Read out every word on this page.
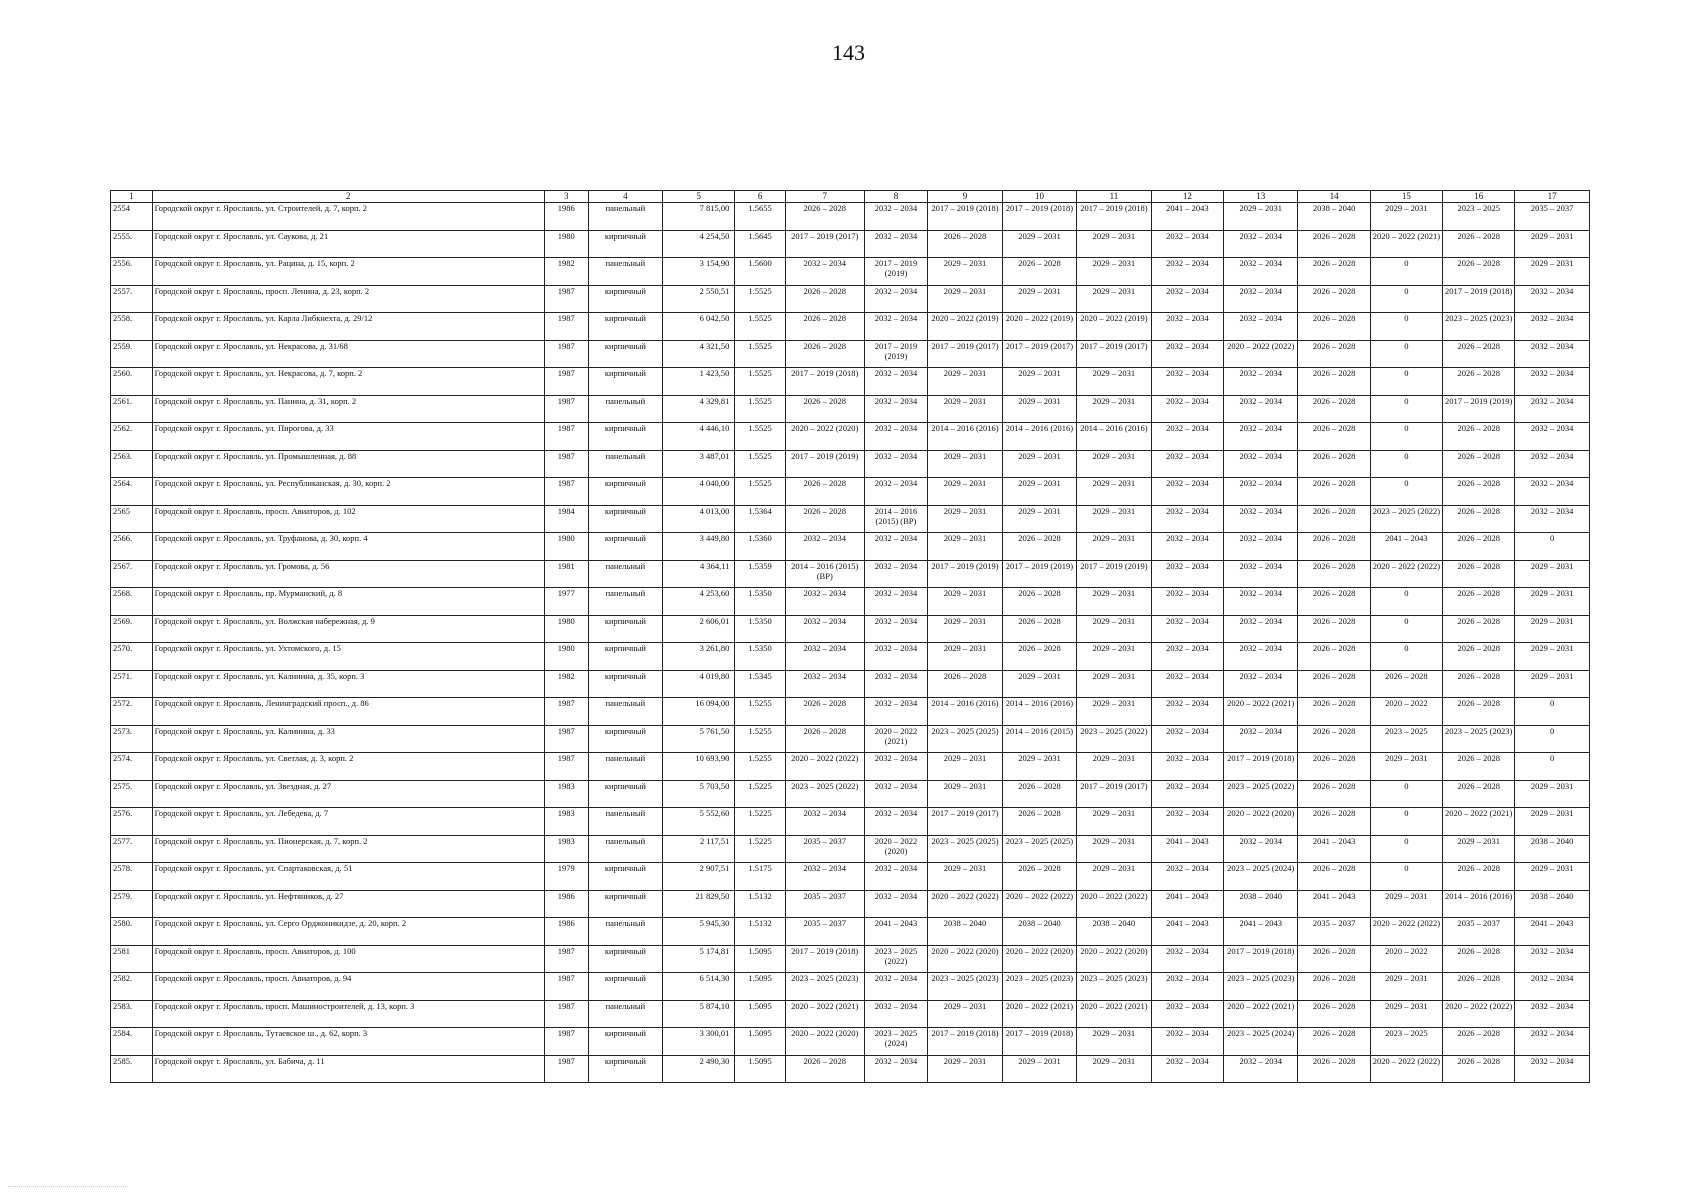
143
1	2	3	4	5	6	7	8	9	10	11	12	13	14	15	16	17
2554	Городской округ г. Ярославль, ул. Строителей, д. 7, корп. 2	1986	панельный	7 815,00	1.5655	2026 – 2028	2032 – 2034	2017 – 2019 (2018)	2017 – 2019 (2018)	2017 – 2019 (2018)	2041 – 2043	2029 – 2031	2038 – 2040	2029 – 2031	2023 – 2025	2035 – 2037
2555.	Городской округ г. Ярославль, ул. Саукова, д. 21	1980	кирпичный	4 254,50	1.5645	2017 – 2019 (2017)	2032 – 2034	2026 – 2028	2029 – 2031	2029 – 2031	2032 – 2034	2032 – 2034	2026 – 2028	2020 – 2022 (2021)	2026 – 2028	2029 – 2031
2556.	Городской округ г. Ярославль, ул. Рацина, д. 15, корп. 2	1982	панельный	3 154,90	1.5600	2032 – 2034	2017 – 2019 (2019)	2029 – 2031	2026 – 2028	2029 – 2031	2032 – 2034	2032 – 2034	2026 – 2028	0	2026 – 2028	2029 – 2031
2557.	Городской округ г. Ярославль, просп. Ленина, д. 23, корп. 2	1987	кирпичный	2 550,51	1.5525	2026 – 2028	2032 – 2034	2029 – 2031	2029 – 2031	2029 – 2031	2032 – 2034	2032 – 2034	2026 – 2028	0	2017 – 2019 (2018)	2032 – 2034
2558.	Городской округ г. Ярославль, ул. Карла Либкнехта, д. 29/12	1987	кирпичный	6 042,50	1.5525	2026 – 2028	2032 – 2034	2020 – 2022 (2019)	2020 – 2022 (2019)	2020 – 2022 (2019)	2032 – 2034	2032 – 2034	2026 – 2028	0	2023 – 2025 (2023)	2032 – 2034
2559.	Городской округ г. Ярославль, ул. Некрасова, д. 31/68	1987	кирпичный	4 321,50	1.5525	2026 – 2028	2017 – 2019 (2019)	2017 – 2019 (2017)	2017 – 2019 (2017)	2017 – 2019 (2017)	2032 – 2034	2020 – 2022 (2022)	2026 – 2028	0	2026 – 2028	2032 – 2034
2560.	Городской округ г. Ярославль, ул. Некрасова, д. 7, корп. 2	1987	кирпичный	1 423,50	1.5525	2017 – 2019 (2018)	2032 – 2034	2029 – 2031	2029 – 2031	2029 – 2031	2032 – 2034	2032 – 2034	2026 – 2028	0	2026 – 2028	2032 – 2034
2561.	Городской округ г. Ярославль, ул. Панина, д. 31, корп. 2	1987	панельный	4 329,81	1.5525	2026 – 2028	2032 – 2034	2029 – 2031	2029 – 2031	2029 – 2031	2032 – 2034	2032 – 2034	2026 – 2028	0	2017 – 2019 (2019)	2032 – 2034
2562.	Городской округ г. Ярославль, ул. Пирогова, д. 33	1987	кирпичный	4 446,10	1.5525	2020 – 2022 (2020)	2032 – 2034	2014 – 2016 (2016)	2014 – 2016 (2016)	2014 – 2016 (2016)	2032 – 2034	2032 – 2034	2026 – 2028	0	2026 – 2028	2032 – 2034
2563.	Городской округ г. Ярославль, ул. Промышленная, д. 88	1987	панельный	3 487,01	1.5525	2017 – 2019 (2019)	2032 – 2034	2029 – 2031	2029 – 2031	2029 – 2031	2032 – 2034	2032 – 2034	2026 – 2028	0	2026 – 2028	2032 – 2034
2564.	Городской округ г. Ярославль, ул. Республиканская, д. 30, корп. 2	1987	кирпичный	4 040,00	1.5525	2026 – 2028	2032 – 2034	2029 – 2031	2029 – 2031	2029 – 2031	2032 – 2034	2032 – 2034	2026 – 2028	0	2026 – 2028	2032 – 2034
2565	Городской округ г. Ярославль, просп. Авиаторов, д. 102	1984	кирпичный	4 013,00	1.5364	2026 – 2028	2014 – 2016 (2015) (ВР)	2029 – 2031	2029 – 2031	2029 – 2031	2032 – 2034	2032 – 2034	2026 – 2028	2023 – 2025 (2022)	2026 – 2028	2032 – 2034
2566.	Городской округ г. Ярославль, ул. Труфанова, д. 30, корп. 4	1980	кирпичный	3 449,80	1.5360	2032 – 2034	2032 – 2034	2029 – 2031	2026 – 2028	2029 – 2031	2032 – 2034	2032 – 2034	2026 – 2028	2041 – 2043	2026 – 2028	0
2567.	Городской округ г. Ярославль, ул. Громова, д. 56	1981	панельный	4 364,11	1.5359	2014 – 2016 (2015) (ВР)	2032 – 2034	2017 – 2019 (2019)	2017 – 2019 (2019)	2017 – 2019 (2019)	2032 – 2034	2032 – 2034	2026 – 2028	2020 – 2022 (2022)	2026 – 2028	2029 – 2031
2568.	Городской округ г. Ярославль, пр. Мурманский, д. 8	1977	панельный	4 253,60	1.5350	2032 – 2034	2032 – 2034	2029 – 2031	2026 – 2028	2029 – 2031	2032 – 2034	2032 – 2034	2026 – 2028	0	2026 – 2028	2029 – 2031
2569.	Городской округ г. Ярославль, ул. Волжская набережная, д. 9	1980	кирпичный	2 606,01	1.5350	2032 – 2034	2032 – 2034	2029 – 2031	2026 – 2028	2029 – 2031	2032 – 2034	2032 – 2034	2026 – 2028	0	2026 – 2028	2029 – 2031
2570.	Городской округ г. Ярославль, ул. Ухтомского, д. 15	1980	кирпичный	3 261,80	1.5350	2032 – 2034	2032 – 2034	2029 – 2031	2026 – 2028	2029 – 2031	2032 – 2034	2032 – 2034	2026 – 2028	0	2026 – 2028	2029 – 2031
2571.	Городской округ г. Ярославль, ул. Калинина, д. 35, корп. 3	1982	кирпичный	4 019,80	1.5345	2032 – 2034	2032 – 2034	2026 – 2028	2029 – 2031	2029 – 2031	2032 – 2034	2032 – 2034	2026 – 2028	2026 – 2028	2026 – 2028	2029 – 2031
2572.	Городской округ г. Ярославль, Ленинградский просп., д. 86	1987	панельный	16 094,00	1.5255	2026 – 2028	2032 – 2034	2014 – 2016 (2016)	2014 – 2016 (2016)	2029 – 2031	2032 – 2034	2020 – 2022 (2021)	2026 – 2028	2020 – 2022	2026 – 2028	0
2573.	Городской округ г. Ярославль, ул. Калинина, д. 33	1987	кирпичный	5 761,50	1.5255	2026 – 2028	2020 – 2022 (2021)	2023 – 2025 (2025)	2014 – 2016 (2015)	2023 – 2025 (2022)	2032 – 2034	2032 – 2034	2026 – 2028	2023 – 2025	2023 – 2025 (2023)	0
2574.	Городской округ г. Ярославль, ул. Светлая, д. 3, корп. 2	1987	панельный	10 693,90	1.5255	2020 – 2022 (2022)	2032 – 2034	2029 – 2031	2029 – 2031	2029 – 2031	2032 – 2034	2017 – 2019 (2018)	2026 – 2028	2029 – 2031	2026 – 2028	0
2575.	Городской округ г. Ярославль, ул. Звездная, д. 27	1983	кирпичный	5 703,50	1.5225	2023 – 2025 (2022)	2032 – 2034	2029 – 2031	2026 – 2028	2017 – 2019 (2017)	2032 – 2034	2023 – 2025 (2022)	2026 – 2028	0	2026 – 2028	2029 – 2031
2576.	Городской округ г. Ярославль, ул. Лебедева, д. 7	1983	панельный	5 552,60	1.5225	2032 – 2034	2032 – 2034	2017 – 2019 (2017)	2026 – 2028	2029 – 2031	2032 – 2034	2020 – 2022 (2020)	2026 – 2028	0	2020 – 2022 (2021)	2029 – 2031
2577.	Городской округ г. Ярославль, ул. Пионерская, д. 7, корп. 2	1983	панельный	2 117,51	1.5225	2035 – 2037	2020 – 2022 (2020)	2023 – 2025 (2025)	2023 – 2025 (2025)	2029 – 2031	2041 – 2043	2032 – 2034	2041 – 2043	0	2029 – 2031	2038 – 2040
2578.	Городской округ г. Ярославль, ул. Спартаковская, д. 51	1979	кирпичный	2 907,51	1.5175	2032 – 2034	2032 – 2034	2029 – 2031	2026 – 2028	2029 – 2031	2032 – 2034	2023 – 2025 (2024)	2026 – 2028	0	2026 – 2028	2029 – 2031
2579.	Городской округ г. Ярославль, ул. Нефтяников, д. 27	1986	кирпичный	21 829,50	1.5132	2035 – 2037	2032 – 2034	2020 – 2022 (2022)	2020 – 2022 (2022)	2020 – 2022 (2022)	2041 – 2043	2038 – 2040	2041 – 2043	2029 – 2031	2014 – 2016 (2016)	2038 – 2040
2580.	Городской округ г. Ярославль, ул. Серго Орджоникидзе, д. 20, корп. 2	1986	панельный	5 945,30	1.5132	2035 – 2037	2041 – 2043	2038 – 2040	2038 – 2040	2038 – 2040	2041 – 2043	2041 – 2043	2035 – 2037	2020 – 2022 (2022)	2035 – 2037	2041 – 2043
2581	Городской округ г. Ярославль, просп. Авиаторов, д. 100	1987	кирпичный	5 174,81	1.5095	2017 – 2019 (2018)	2023 – 2025 (2022)	2020 – 2022 (2020)	2020 – 2022 (2020)	2020 – 2022 (2020)	2032 – 2034	2017 – 2019 (2018)	2026 – 2028	2020 – 2022	2026 – 2028	2032 – 2034
2582.	Городской округ г. Ярославль, просп. Авиаторов, д. 94	1987	кирпичный	6 514,30	1.5095	2023 – 2025 (2023)	2032 – 2034	2023 – 2025 (2023)	2023 – 2025 (2023)	2023 – 2025 (2023)	2032 – 2034	2023 – 2025 (2023)	2026 – 2028	2029 – 2031	2026 – 2028	2032 – 2034
2583.	Городской округ г. Ярославль, просп. Машиностроителей, д. 13, корп. 3	1987	панельный	5 874,10	1.5095	2020 – 2022 (2021)	2032 – 2034	2029 – 2031	2020 – 2022 (2021)	2020 – 2022 (2021)	2032 – 2034	2020 – 2022 (2021)	2026 – 2028	2029 – 2031	2020 – 2022 (2022)	2032 – 2034
2584.	Городской округ г. Ярославль, Тутаевское ш., д. 62, корп. 3	1987	кирпичный	3 300,01	1.5095	2020 – 2022 (2020)	2023 – 2025 (2024)	2017 – 2019 (2018)	2017 – 2019 (2018)	2029 – 2031	2032 – 2034	2023 – 2025 (2024)	2026 – 2028	2023 – 2025	2026 – 2028	2032 – 2034
2585.	Городской округ г. Ярославль, ул. Бабича, д. 11	1987	кирпичный	2 490,30	1.5095	2026 – 2028	2032 – 2034	2029 – 2031	2029 – 2031	2029 – 2031	2032 – 2034	2032 – 2034	2026 – 2028	2020 – 2022 (2022)	2026 – 2028	2032 – 2034
